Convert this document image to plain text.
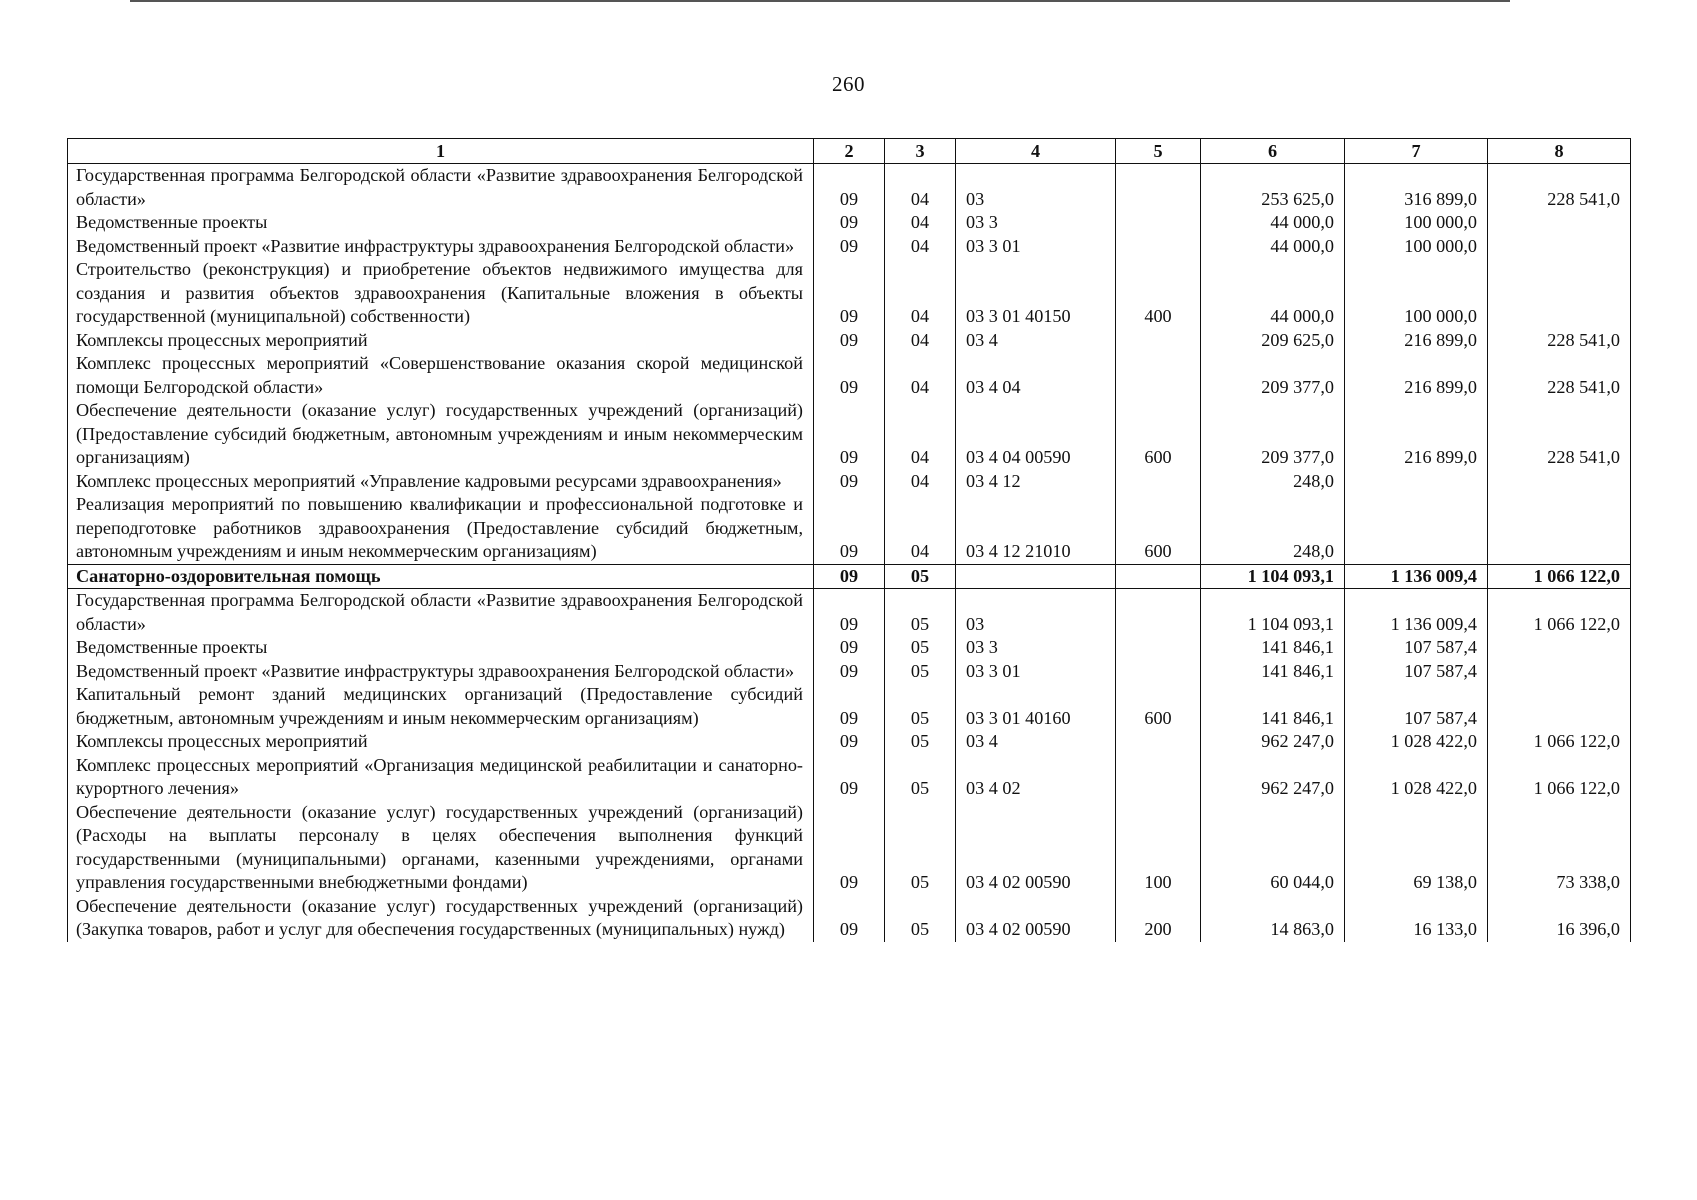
260
1	2	3	4	5	6	7	8
Государственная программа Белгородской области «Развитие здравоохранения Белгородской области»	09	04	03		253 625,0	316 899,0	228 541,0
Ведомственные проекты	09	04	03 3		44 000,0	100 000,0	
Ведомственный проект «Развитие инфраструктуры здравоохранения Белгородской области»	09	04	03 3 01		44 000,0	100 000,0	
Строительство (реконструкция) и приобретение объектов недвижимого имущества для создания и развития объектов здравоохранения (Капитальные вложения в объекты государственной (муниципальной) собственности)	09	04	03 3 01 40150	400	44 000,0	100 000,0	
Комплексы процессных мероприятий	09	04	03 4		209 625,0	216 899,0	228 541,0
Комплекс процессных мероприятий «Совершенствование оказания скорой медицинской помощи Белгородской области»	09	04	03 4 04		209 377,0	216 899,0	228 541,0
Обеспечение деятельности (оказание услуг) государственных учреждений (организаций) (Предоставление субсидий бюджетным, автономным учреждениям и иным некоммерческим организациям)	09	04	03 4 04 00590	600	209 377,0	216 899,0	228 541,0
Комплекс процессных мероприятий «Управление кадровыми ресурсами здравоохранения»	09	04	03 4 12		248,0		
Реализация мероприятий по повышению квалификации и профессиональной подготовке и переподготовке работников здравоохранения (Предоставление субсидий бюджетным, автономным учреждениям и иным некоммерческим организациям)	09	04	03 4 12 21010	600	248,0		
Санаторно-оздоровительная помощь	09	05			1 104 093,1	1 136 009,4	1 066 122,0
Государственная программа Белгородской области «Развитие здравоохранения Белгородской области»	09	05	03		1 104 093,1	1 136 009,4	1 066 122,0
Ведомственные проекты	09	05	03 3		141 846,1	107 587,4	
Ведомственный проект «Развитие инфраструктуры здравоохранения Белгородской области»	09	05	03 3 01		141 846,1	107 587,4	
Капитальный ремонт зданий медицинских организаций (Предоставление субсидий бюджетным, автономным учреждениям и иным некоммерческим организациям)	09	05	03 3 01 40160	600	141 846,1	107 587,4	
Комплексы процессных мероприятий	09	05	03 4		962 247,0	1 028 422,0	1 066 122,0
Комплекс процессных мероприятий «Организация медицинской реабилитации и санаторно-курортного лечения»	09	05	03 4 02		962 247,0	1 028 422,0	1 066 122,0
Обеспечение деятельности (оказание услуг) государственных учреждений (организаций) (Расходы на выплаты персоналу в целях обеспечения выполнения функций государственными (муниципальными) органами, казенными учреждениями, органами управления государственными внебюджетными фондами)	09	05	03 4 02 00590	100	60 044,0	69 138,0	73 338,0
Обеспечение деятельности (оказание услуг) государственных учреждений (организаций) (Закупка товаров, работ и услуг для обеспечения государственных (муниципальных) нужд)	09	05	03 4 02 00590	200	14 863,0	16 133,0	16 396,0
